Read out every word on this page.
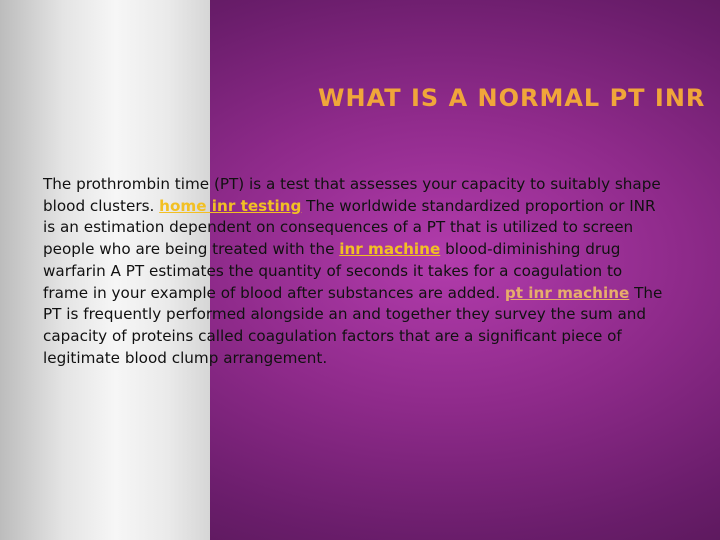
WHAT IS A NORMAL PT INR

The prothrombin time (PT) is a test that assesses your capacity to suitably shape blood clusters. home inr testing The worldwide standardized proportion or INR is an estimation dependent on consequences of a PT that is utilized to screen people who are being treated with the inr machine blood-diminishing drug warfarin A PT estimates the quantity of seconds it takes for a coagulation to frame in your example of blood after substances are added. pt inr machine The PT is frequently performed alongside an and together they survey the sum and capacity of proteins called coagulation factors that are a significant piece of legitimate blood clump arrangement.
